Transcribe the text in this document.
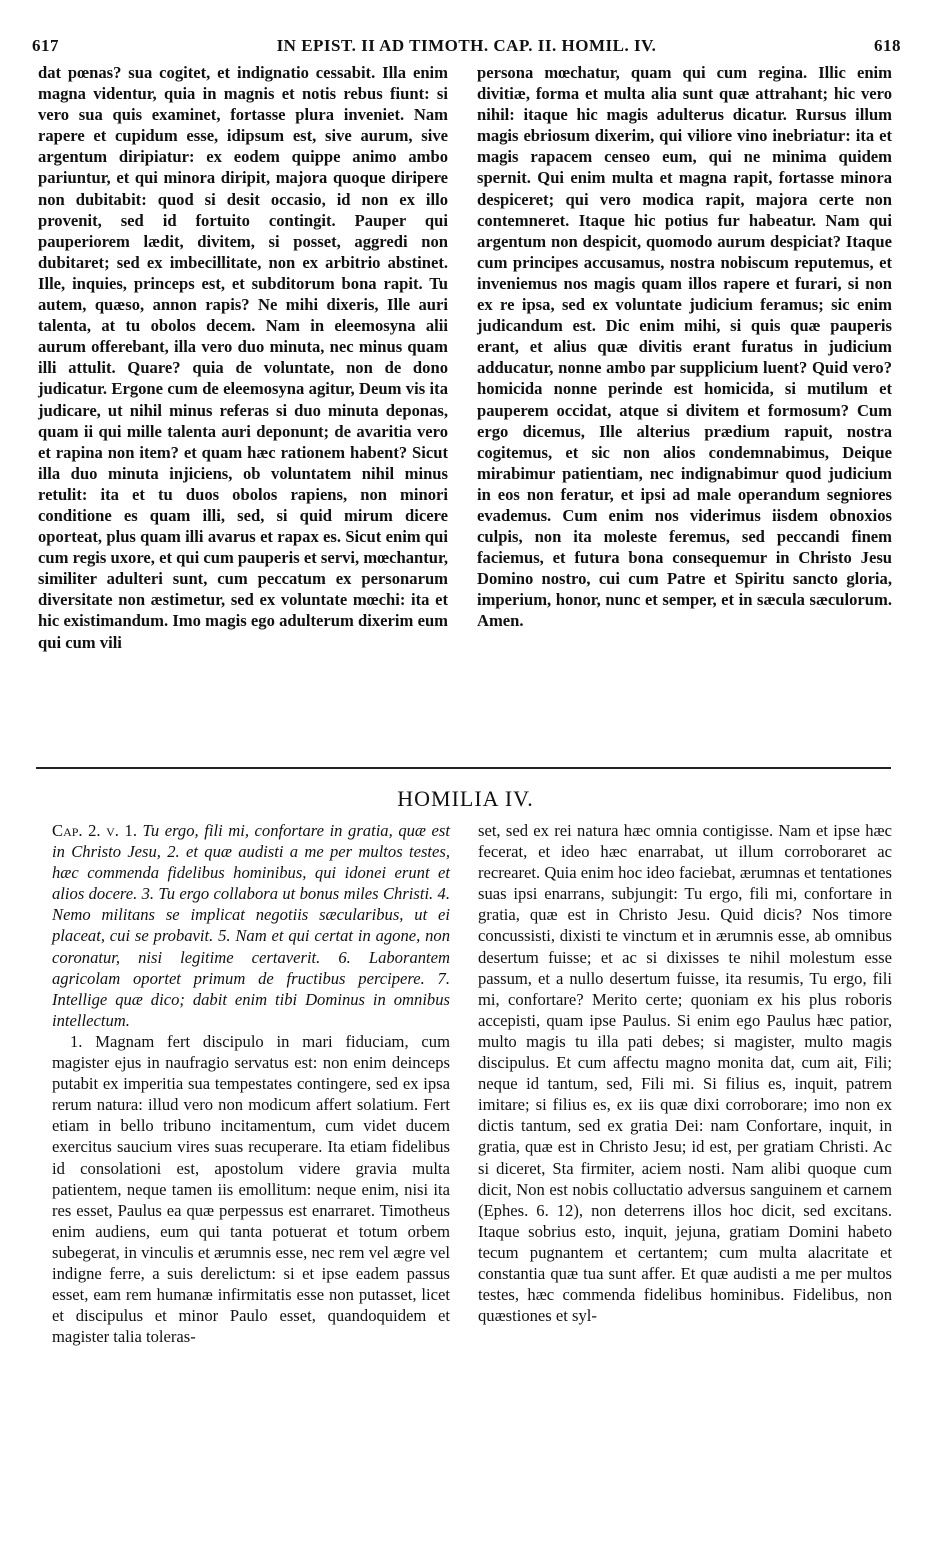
617	IN EPIST. II AD TIMOTH. CAP. II. HOMIL. IV.	618

dat pœnas? sua cogitet, et indignatio cessabit. Illa enim magna videntur, quia in magnis et notis rebus fiunt: si vero sua quis examinet, fortasse plura inveniet. Nam rapere et cupidum esse, idipsum est, sive aurum, sive argentum diripiatur: ex eodem quippe animo ambo pariuntur, et qui minora diripit, majora quoque diripere non dubitabit: quod si desit occasio, id non ex illo provenit, sed id fortuito contingit. Pauper qui pauperiorem lædit, divitem, si posset, aggredi non dubitaret; sed ex imbecillitate, non ex arbitrio abstinet. Ille, inquies, princeps est, et subditorum bona rapit. Tu autem, quæso, annon rapis? Ne mihi dixeris, Ille auri talenta, at tu obolos decem. Nam in eleemosyna alii aurum offerebant, illa vero duo minuta, nec minus quam illi attulit. Quare? quia de voluntate, non de dono judicatur. Ergone cum de eleemosyna agitur, Deum vis ita judicare, ut nihil minus referas si duo minuta deponas, quam ii qui mille talenta auri deponunt; de avaritia vero et rapina non item? et quam hæc rationem habent? Sicut illa duo minuta injiciens, ob voluntatem nihil minus retulit: ita et tu duos obolos rapiens, non minori conditione es quam illi, sed, si quid mirum dicere oporteat, plus quam illi avarus et rapax es. Sicut enim qui cum regis uxore, et qui cum pauperis et servi, mœchantur, similiter adulteri sunt, cum peccatum ex personarum diversitate non æstimetur, sed ex voluntate mœchi: ita et hic existimandum. Imo magis ego adulterum dixerim eum qui cum vili

persona mœchatur, quam qui cum regina. Illic enim divitiæ, forma et multa alia sunt quæ attrahant; hic vero nihil: itaque hic magis adulterus dicatur. Rursus illum magis ebriosum dixerim, qui viliore vino inebriatur: ita et magis rapacem censeo eum, qui ne minima quidem spernit. Qui enim multa et magna rapit, fortasse minora despiceret; qui vero modica rapit, majora certe non contemneret. Itaque hic potius fur habeatur. Nam qui argentum non despicit, quomodo aurum despiciat? Itaque cum principes accusamus, nostra nobiscum reputemus, et inveniemus nos magis quam illos rapere et furari, si non ex re ipsa, sed ex voluntate judicium feramus; sic enim judicandum est. Dic enim mihi, si quis quæ pauperis erant, et alius quæ divitis erant furatus in judicium adducatur, nonne ambo par supplicium luent? Quid vero? homicida nonne perinde est homicida, si mutilum et pauperem occidat, atque si divitem et formosum? Cum ergo dicemus, Ille alterius prædium rapuit, nostra cogitemus, et sic non alios condemnabimus, Deique mirabimur patientiam, nec indignabimur quod judicium in eos non feratur, et ipsi ad male operandum segniores evademus. Cum enim nos viderimus iisdem obnoxios culpis, non ita moleste feremus, sed peccandi finem faciemus, et futura bona consequemur in Christo Jesu Domino nostro, cui cum Patre et Spiritu sancto gloria, imperium, honor, nunc et semper, et in sæcula sæculorum. Amen.

HOMILIA IV.

Cap. 2. v. 1. Tu ergo, fili mi, confortare in gratia, quæ est in Christo Jesu, 2. et quæ audisti a me per multos testes, hæc commenda fidelibus hominibus, qui idonei erunt et alios docere. 3. Tu ergo collabora ut bonus miles Christi. 4. Nemo militans se implicat negotiis sæcularibus, ut ei placeat, cui se probavit. 5. Nam et qui certat in agone, non coronatur, nisi legitime certaverit. 6. Laborantem agricolam oportet primum de fructibus percipere. 7. Intellige quæ dico; dabit enim tibi Dominus in omnibus intellectum.

1. Magnam fert discipulo in mari fiduciam, cum magister ejus in naufragio servatus est: non enim deinceps putabit ex imperitia sua tempestates contingere, sed ex ipsa rerum natura: illud vero non modicum affert solatium. Fert etiam in bello tribuno incitamentum, cum videt ducem exercitus saucium vires suas recuperare. Ita etiam fidelibus id consolationi est, apostolum videre gravia multa patientem, neque tamen iis emollitum: neque enim, nisi ita res esset, Paulus ea quæ perpessus est enarraret. Timotheus enim audiens, eum qui tanta potuerat et totum orbem subegerat, in vinculis et ærumnis esse, nec rem vel ægre vel indigne ferre, a suis derelictum: si et ipse eadem passus esset, eam rem humanæ infirmitatis esse non putasset, licet et discipulus et minor Paulo esset, quandoquidem et magister talia toleras-

set, sed ex rei natura hæc omnia contigisse. Nam et ipse hæc fecerat, et ideo hæc enarrabat, ut illum corroboraret ac recrearet. Quia enim hoc ideo faciebat, ærumnas et tentationes suas ipsi enarrans, subjungit: Tu ergo, fili mi, confortare in gratia, quæ est in Christo Jesu. Quid dicis? Nos timore concussisti, dixisti te vinctum et in ærumnis esse, ab omnibus desertum fuisse; et ac si dixisses te nihil molestum esse passum, et a nullo desertum fuisse, ita resumis, Tu ergo, fili mi, confortare? Merito certe; quoniam ex his plus roboris accepisti, quam ipse Paulus. Si enim ego Paulus hæc patior, multo magis tu illa pati debes; si magister, multo magis discipulus. Et cum affectu magno monita dat, cum ait, Fili; neque id tantum, sed, Fili mi. Si filius es, inquit, patrem imitare; si filius es, ex iis quæ dixi corroborare; imo non ex dictis tantum, sed ex gratia Dei: nam Confortare, inquit, in gratia, quæ est in Christo Jesu; id est, per gratiam Christi. Ac si diceret, Sta firmiter, aciem nosti. Nam alibi quoque cum dicit, Non est nobis colluctatio adversus sanguinem et carnem (Ephes. 6. 12), non deterrens illos hoc dicit, sed excitans. Itaque sobrius esto, inquit, jejuna, gratiam Domini habeto tecum pugnantem et certantem; cum multa alacritate et constantia quæ tua sunt affer. Et quæ audisti a me per multos testes, hæc commenda fidelibus hominibus. Fidelibus, non quæstiones et syl-
